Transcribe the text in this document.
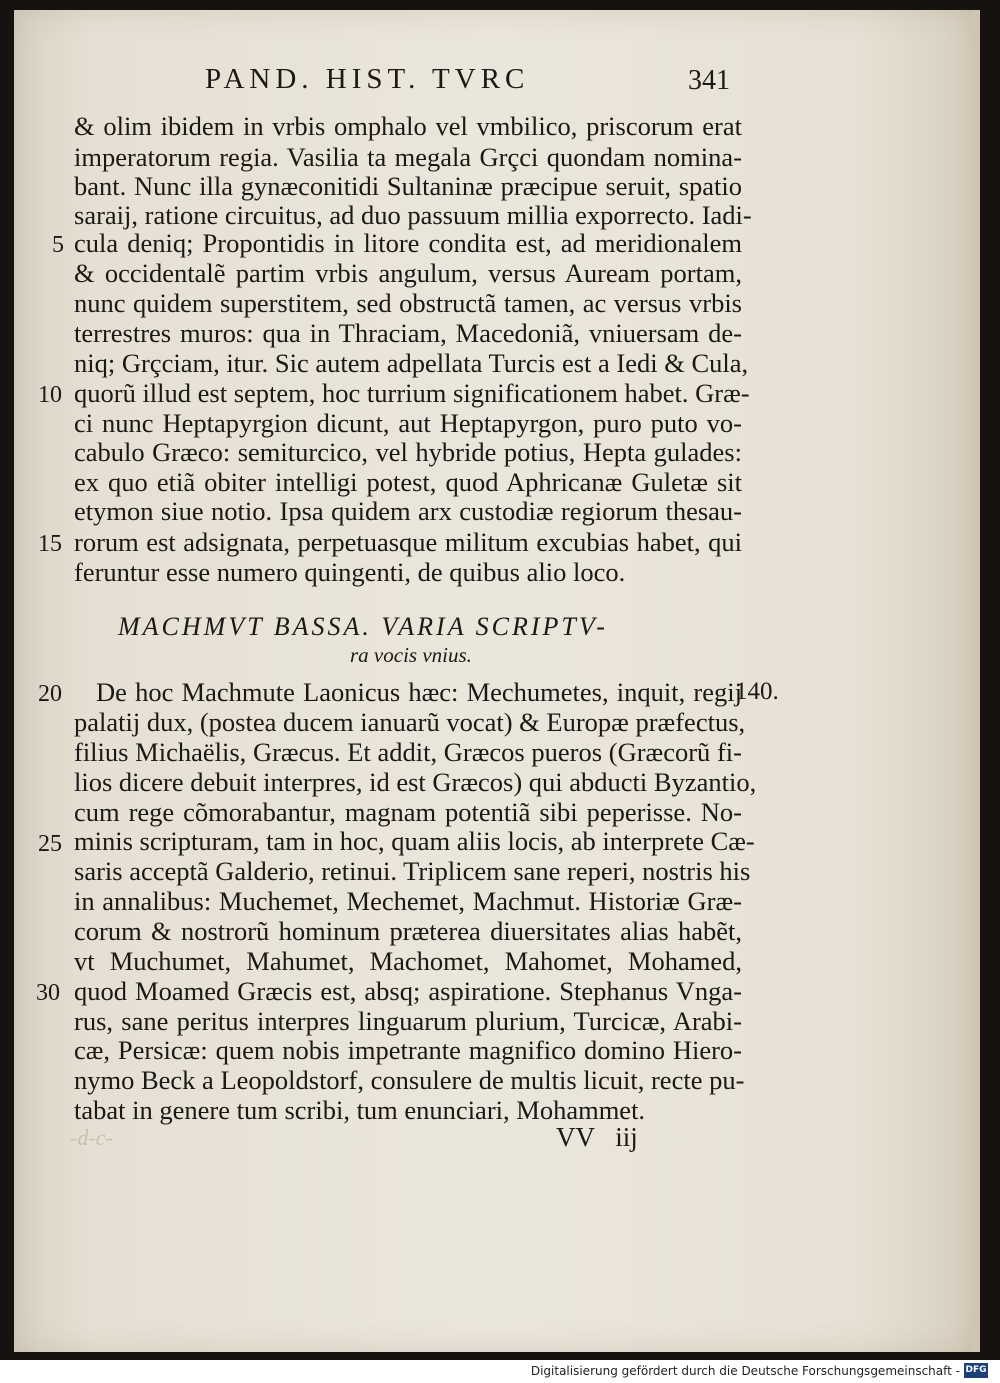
PAND. HIST. TVRC	341
& olim ibidem in vrbis omphalo vel vmbilico, priscorum erat
imperatorum regia. Vasilia ta megala Grçci quondam nomina-
bant. Nunc illa gynæconitidi Sultaninæ præcipue seruit, spatio
saraij, ratione circuitus, ad duo passuum millia exporrecto. Iadi-
cula deniq; Propontidis in litore condita est, ad meridionalem
& occidentalẽ partim vrbis angulum, versus Auream portam,
nunc quidem superstitem, sed obstructã tamen, ac versus vrbis
terrestres muros: qua in Thraciam, Macedoniã, vniuersam de-
niq; Grçciam, itur. Sic autem adpellata Turcis est a Iedi & Cula,
quorũ illud est septem, hoc turrium significationem habet. Græ-
ci nunc Heptapyrgion dicunt, aut Heptapyrgon, puro puto vo-
cabulo Græco: semiturcico, vel hybride potius, Hepta gulades:
ex quo etiã obiter intelligi potest, quod Aphricanæ Guletæ sit
etymon siue notio. Ipsa quidem arx custodiæ regiorum thesau-
rorum est adsignata, perpetuasque militum excubias habet, qui
feruntur esse numero quingenti, de quibus alio loco.
MACHMVT BASSA. VARIA SCRIPTV-
ra vocis vnius.
De hoc Machmute Laonicus hæc: Mechumetes, inquit, regij
palatij dux, (postea ducem ianuarũ vocat) & Europæ præfectus,
filius Michaëlis, Græcus. Et addit, Græcos pueros (Græcorũ fi-
lios dicere debuit interpres, id est Græcos) qui abducti Byzantio,
cum rege cõmorabantur, magnam potentiã sibi peperisse. No-
minis scripturam, tam in hoc, quam aliis locis, ab interprete Cæ-
saris acceptã Galderio, retinui. Triplicem sane reperi, nostris his
in annalibus: Muchemet, Mechemet, Machmut. Historiæ Græ-
corum & nostrorũ hominum præterea diuersitates alias habẽt,
vt Muchumet, Mahumet, Machomet, Mahomet, Mohamed,
quod Moamed Græcis est, absq; aspiratione. Stephanus Vnga-
rus, sane peritus interpres linguarum plurium, Turcicæ, Arabi-
cæ, Persicæ: quem nobis impetrante magnifico domino Hiero-
nymo Beck a Leopoldstorf, consulere de multis licuit, recte pu-
tabat in genere tum scribi, tum enunciari, Mohammet.
5
10
15
20
25
30
140.
VV iij
-d-c-
Digitalisierung gefördert durch die Deutsche Forschungsgemeinschaft - DFG
